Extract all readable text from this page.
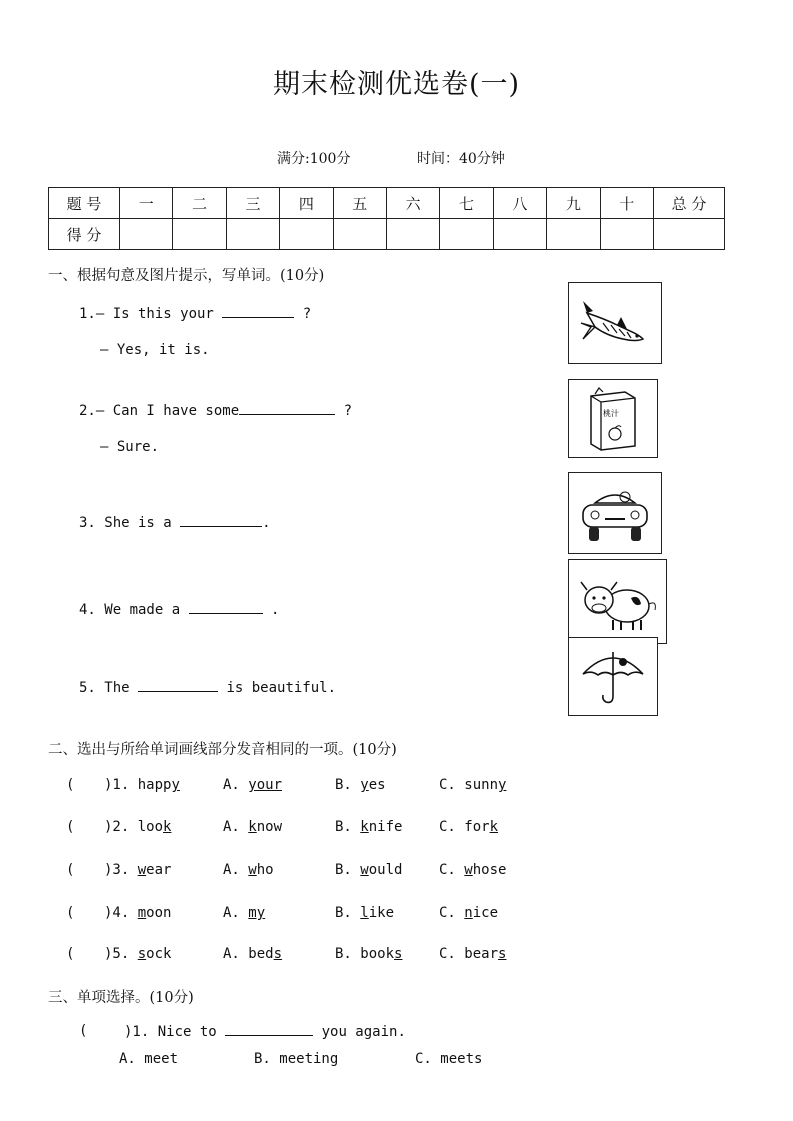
期末检测优选卷(一)
满分:100分	时间：40分钟
题 号	一	二	三	四	五	六	七	八	九	十	总 分
得 分											
一、根据句意及图片提示，写单词。(10分)
1.— Is this your	?
— Yes, it is.
2.— Can I have some	?
— Sure.
3. She is a	.
4. We made a	.
5. The	is beautiful.
桃汁
二、选出与所给单词画线部分发音相同的一项。(10分)
( )1. happy	A. your	B. yes	C. sunny
( )2. look	A. know	B. knife	C. fork
( )3. wear	A. who	B. would	C. whose
( )4. moon	A. my	B. like	C. nice
( )5. sock	A. beds	B. books	C. bears
三、单项选择。(10分)
(	)1. Nice to	you again.
A. meet	B. meeting	C. meets
